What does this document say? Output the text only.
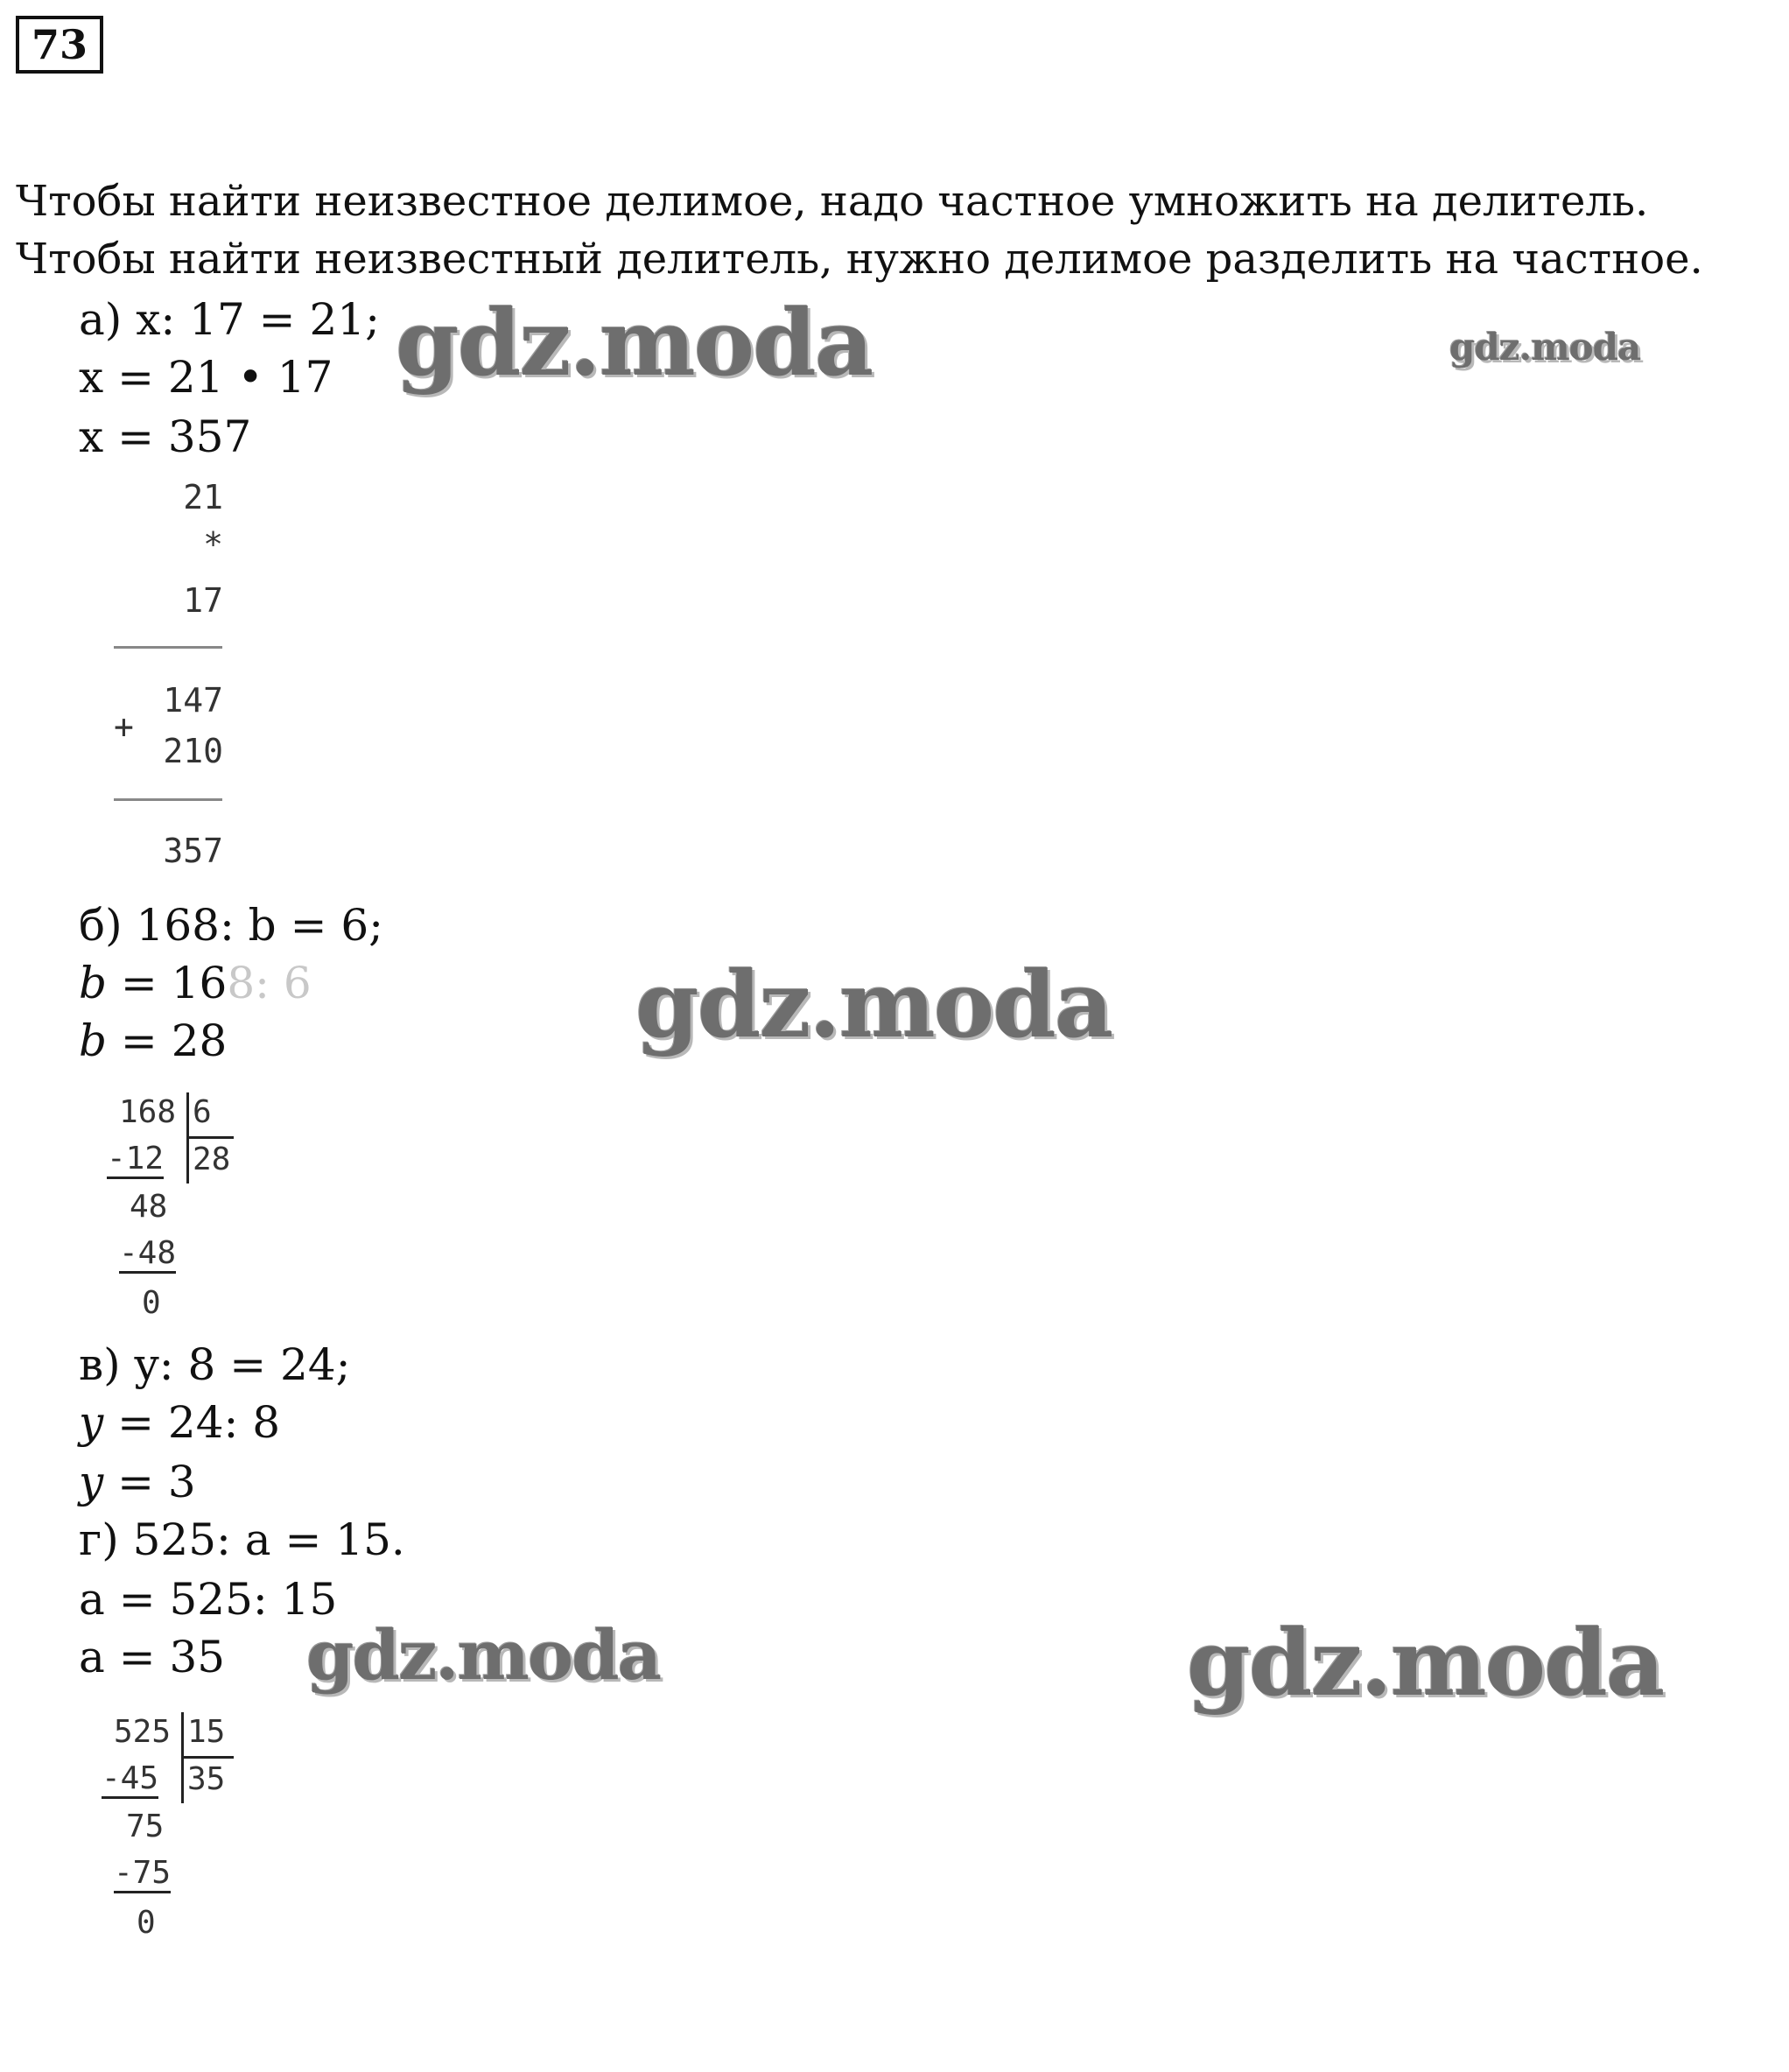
73
Чтобы найти неизвестное делимое, надо частное умножить на делитель.
Чтобы найти неизвестный делитель, нужно делимое разделить на частное.
а) x: 17 = 21;
x = 21 • 17
x = 357
21
*
17
+
147
210
357
б) 168: b = 6;
b = 168: 6
b = 28
168 6
-12 28
48
-48
0
в) y: 8 = 24;
y = 24: 8
y = 3
г) 525: a = 15.
a = 525: 15
a = 35
525 15
-45 35
75
-75
0
gdz.moda	gdz.moda
gdz.moda
gdz.moda	gdz.moda
